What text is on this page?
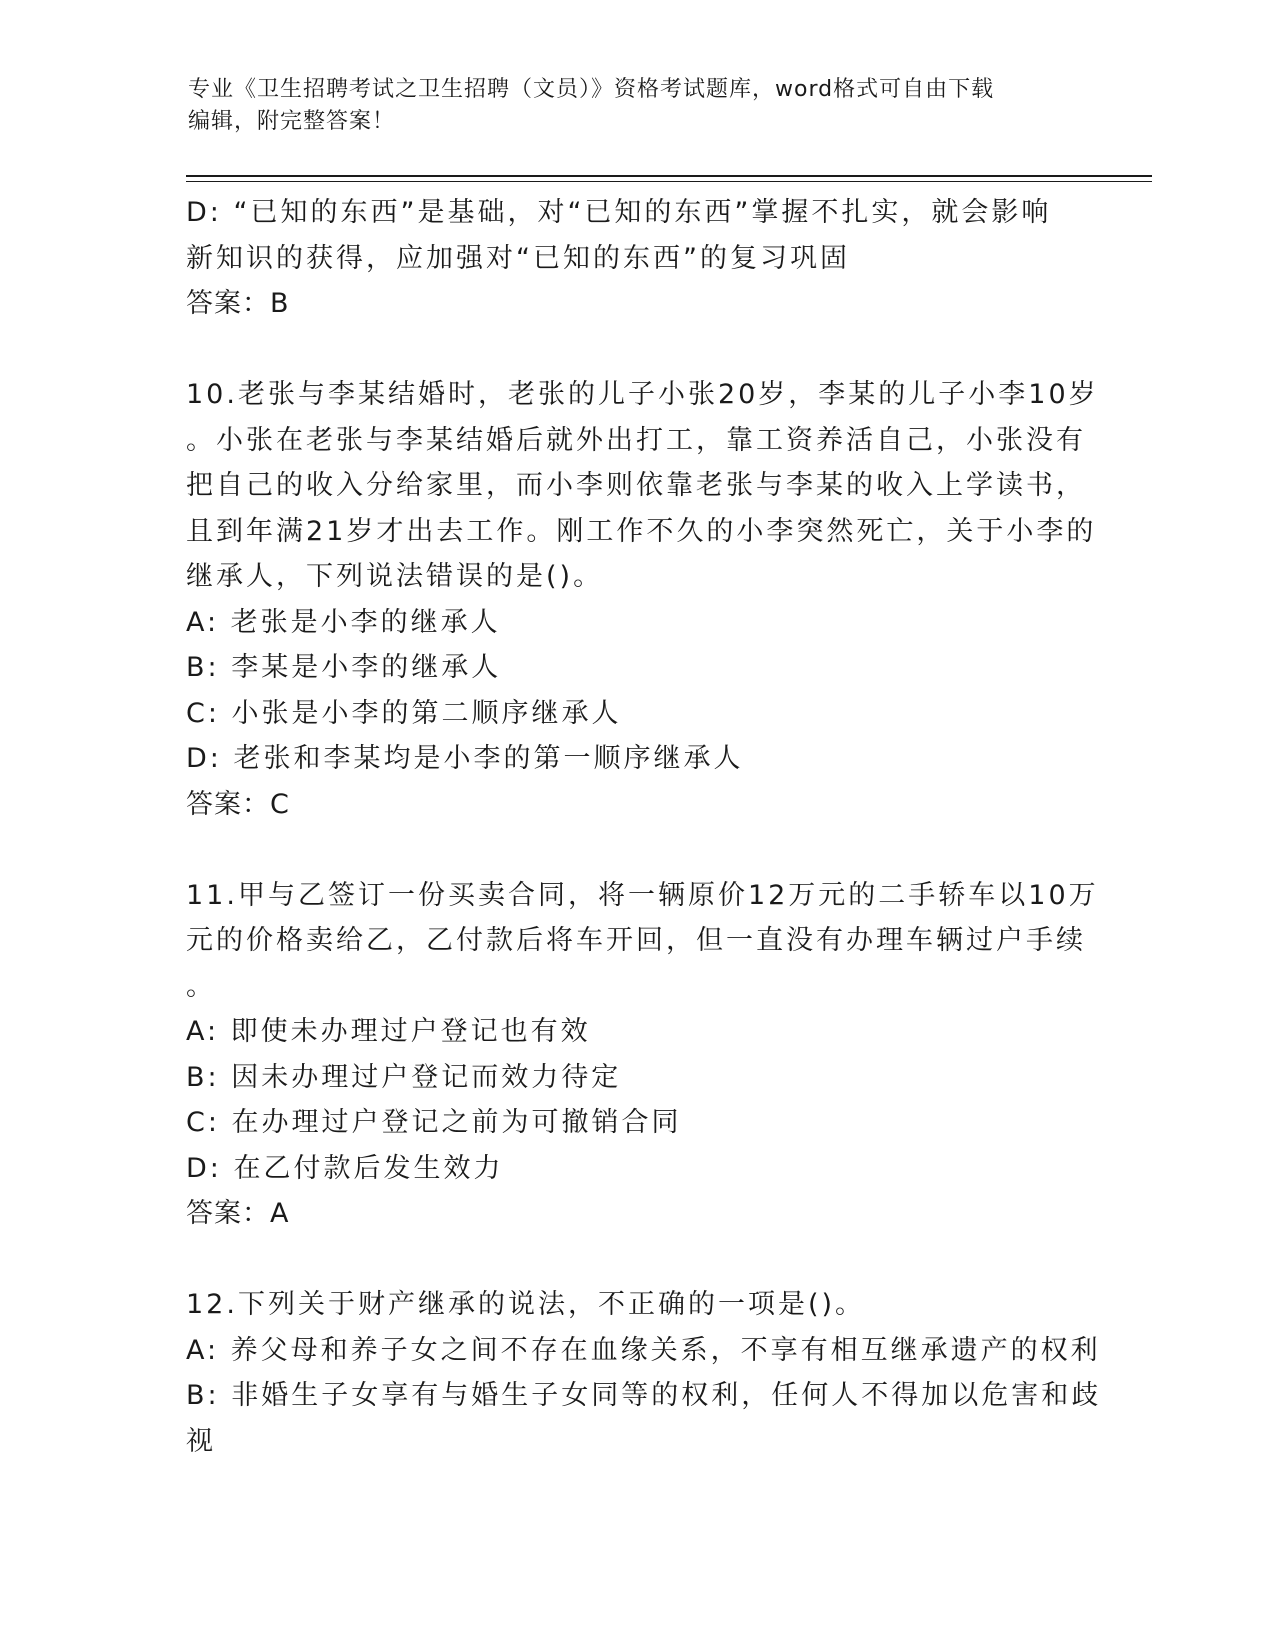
专业《卫生招聘考试之卫生招聘（文员）》资格考试题库，word格式可自由下载
编辑，附完整答案！
D: “已知的东西”是基础，对“已知的东西”掌握不扎实，就会影响
新知识的获得，应加强对“已知的东西”的复习巩固
答案：B
10.老张与李某结婚时，老张的儿子小张20岁，李某的儿子小李10岁
。小张在老张与李某结婚后就外出打工，靠工资养活自己，小张没有
把自己的收入分给家里，而小李则依靠老张与李某的收入上学读书，
且到年满21岁才出去工作。刚工作不久的小李突然死亡，关于小李的
继承人，下列说法错误的是()。
A: 老张是小李的继承人
B: 李某是小李的继承人
C: 小张是小李的第二顺序继承人
D: 老张和李某均是小李的第一顺序继承人
答案：C
11.甲与乙签订一份买卖合同，将一辆原价12万元的二手轿车以10万
元的价格卖给乙，乙付款后将车开回，但一直没有办理车辆过户手续
。
A: 即使未办理过户登记也有效
B: 因未办理过户登记而效力待定
C: 在办理过户登记之前为可撤销合同
D: 在乙付款后发生效力
答案：A
12.下列关于财产继承的说法，不正确的一项是()。
A: 养父母和养子女之间不存在血缘关系，不享有相互继承遗产的权利
B: 非婚生子女享有与婚生子女同等的权利，任何人不得加以危害和歧
视
